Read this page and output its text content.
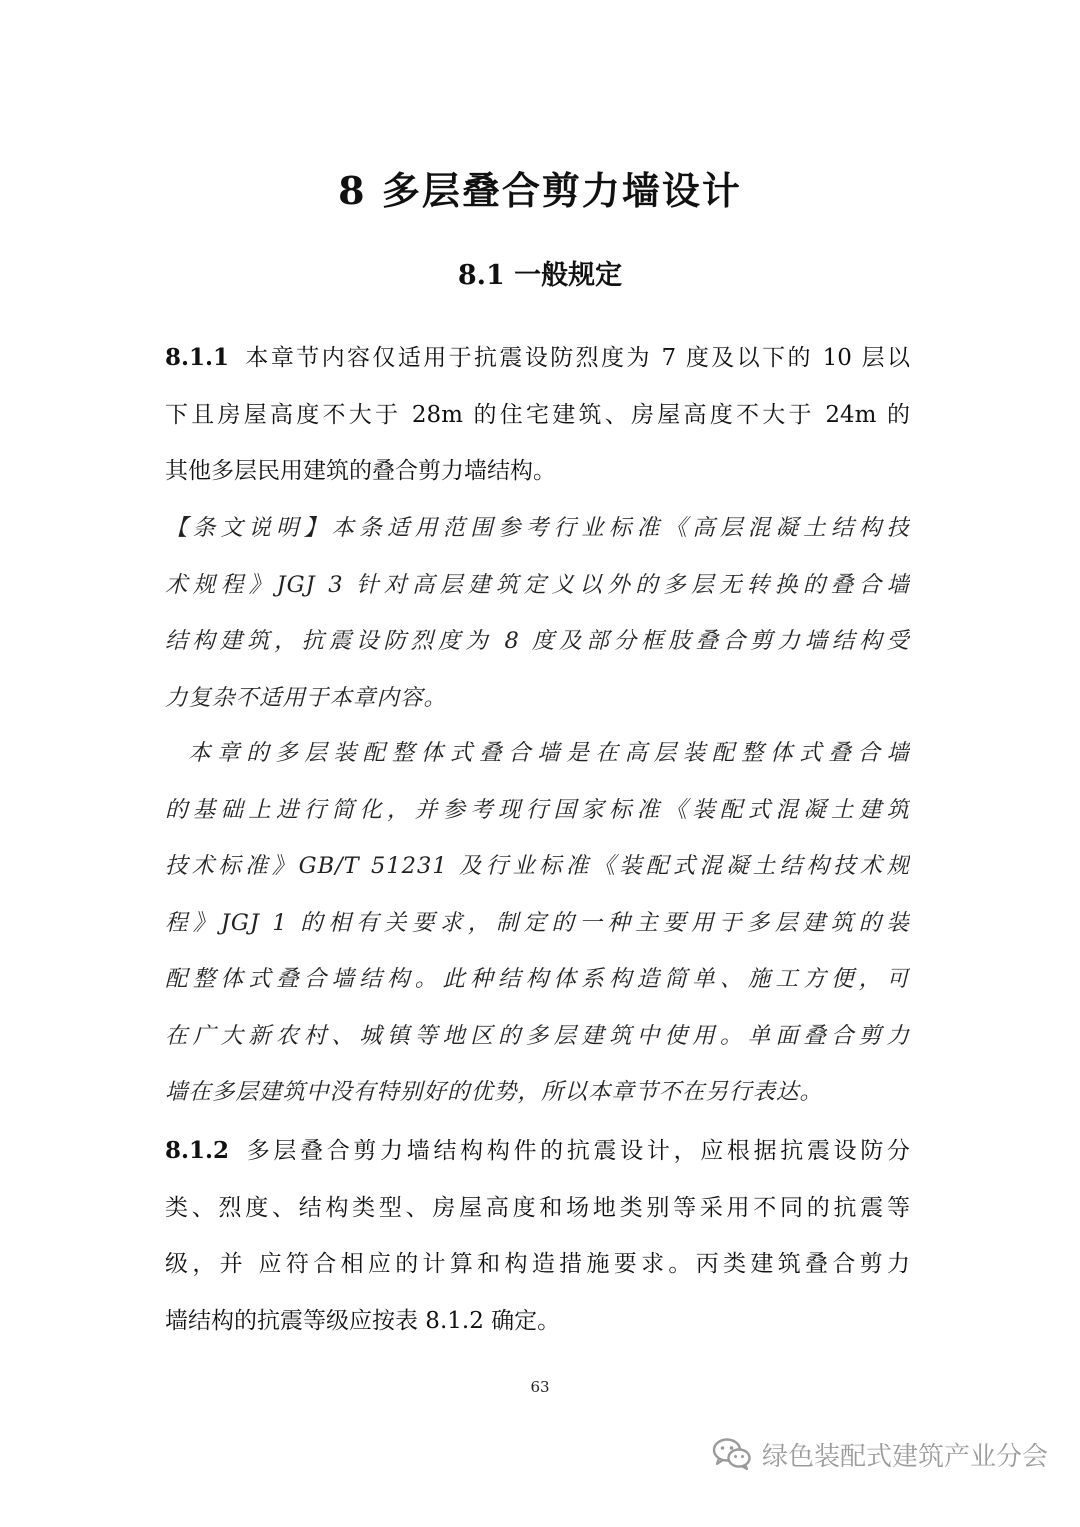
8 多层叠合剪力墙设计
8.1 一般规定
8.1.1 本章节内容仅适用于抗震设防烈度为 7 度及以下的 10 层以
下且房屋高度不大于 28m 的住宅建筑、房屋高度不大于 24m 的
其他多层民用建筑的叠合剪力墙结构。
【条文说明】本条适用范围参考行业标准《高层混凝土结构技
术规程》JGJ 3 针对高层建筑定义以外的多层无转换的叠合墙
结构建筑，抗震设防烈度为 8 度及部分框肢叠合剪力墙结构受
力复杂不适用于本章内容。
本章的多层装配整体式叠合墙是在高层装配整体式叠合墙
的基础上进行简化，并参考现行国家标准《装配式混凝土建筑
技术标准》GB/T 51231 及行业标准《装配式混凝土结构技术规
程》JGJ 1 的相有关要求，制定的一种主要用于多层建筑的装
配整体式叠合墙结构。此种结构体系构造简单、施工方便，可
在广大新农村、城镇等地区的多层建筑中使用。单面叠合剪力
墙在多层建筑中没有特别好的优势，所以本章节不在另行表达。
8.1.2 多层叠合剪力墙结构构件的抗震设计，应根据抗震设防分
类、烈度、结构类型、房屋高度和场地类别等采用不同的抗震等
级，并 应符合相应的计算和构造措施要求。丙类建筑叠合剪力
墙结构的抗震等级应按表 8.1.2 确定。
63
绿色装配式建筑产业分会
